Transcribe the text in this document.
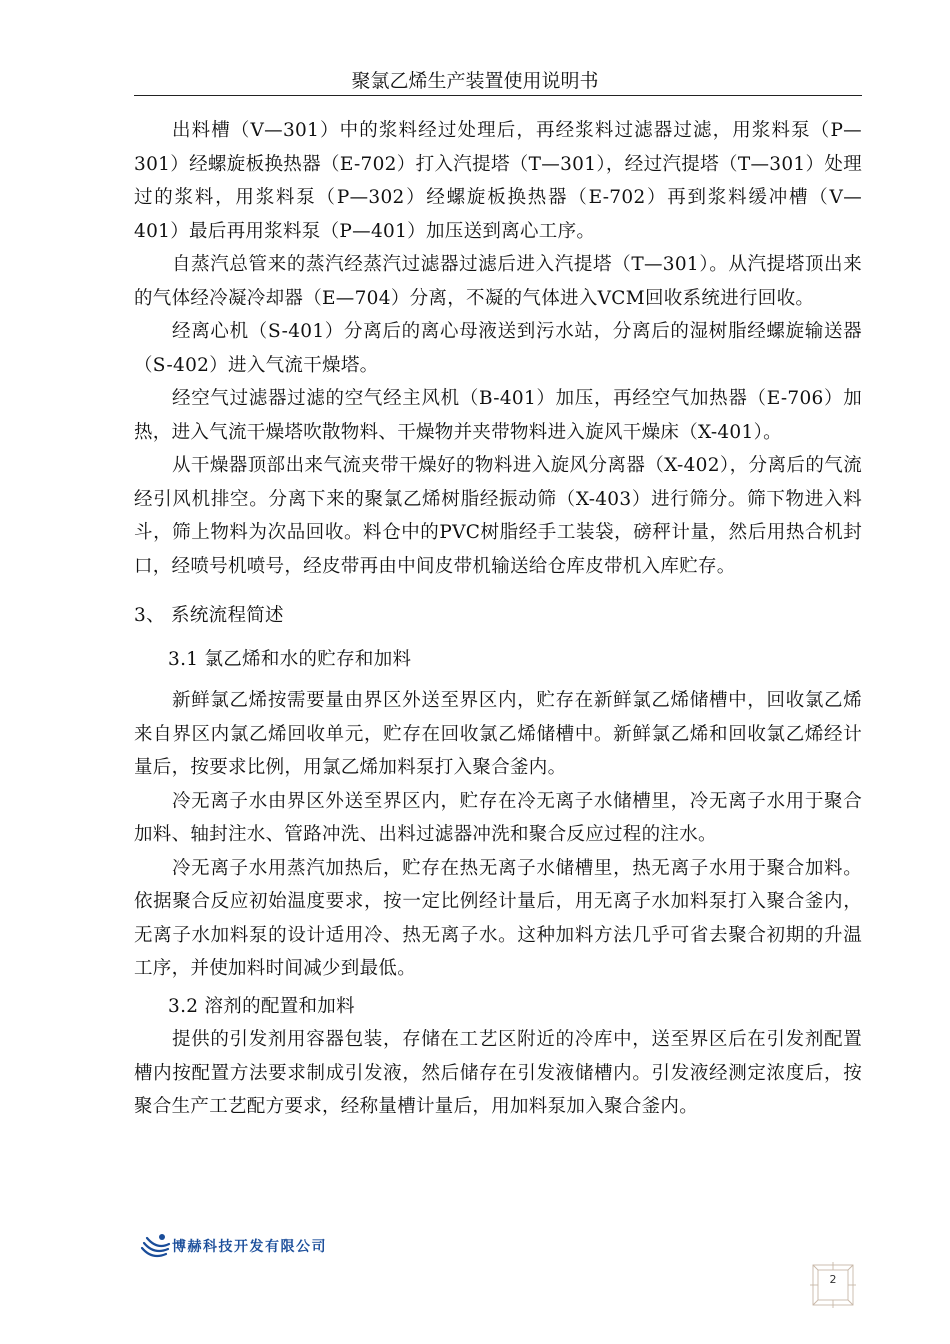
聚氯乙烯生产装置使用说明书

出料槽（V—301）中的浆料经过处理后，再经浆料过滤器过滤，用浆料泵（P—301）经螺旋板换热器（E-702）打入汽提塔（T—301），经过汽提塔（T—301）处理过的浆料，用浆料泵（P—302）经螺旋板换热器（E-702）再到浆料缓冲槽（V—401）最后再用浆料泵（P—401）加压送到离心工序。

自蒸汽总管来的蒸汽经蒸汽过滤器过滤后进入汽提塔（T—301）。从汽提塔顶出来的气体经冷凝冷却器（E—704）分离，不凝的气体进入VCM回收系统进行回收。

经离心机（S-401）分离后的离心母液送到污水站，分离后的湿树脂经螺旋输送器（S-402）进入气流干燥塔。

经空气过滤器过滤的空气经主风机（B-401）加压，再经空气加热器（E-706）加热，进入气流干燥塔吹散物料、干燥物并夹带物料进入旋风干燥床（X-401）。

从干燥器顶部出来气流夹带干燥好的物料进入旋风分离器（X-402），分离后的气流经引风机排空。分离下来的聚氯乙烯树脂经振动筛（X-403）进行筛分。筛下物进入料斗，筛上物料为次品回收。料仓中的PVC树脂经手工装袋，磅秤计量，然后用热合机封口，经喷号机喷号，经皮带再由中间皮带机输送给仓库皮带机入库贮存。

3、 系统流程简述

3.1 氯乙烯和水的贮存和加料

新鲜氯乙烯按需要量由界区外送至界区内，贮存在新鲜氯乙烯储槽中，回收氯乙烯来自界区内氯乙烯回收单元，贮存在回收氯乙烯储槽中。新鲜氯乙烯和回收氯乙烯经计量后，按要求比例，用氯乙烯加料泵打入聚合釜内。

冷无离子水由界区外送至界区内，贮存在冷无离子水储槽里，冷无离子水用于聚合加料、轴封注水、管路冲洗、出料过滤器冲洗和聚合反应过程的注水。

冷无离子水用蒸汽加热后，贮存在热无离子水储槽里，热无离子水用于聚合加料。依据聚合反应初始温度要求，按一定比例经计量后，用无离子水加料泵打入聚合釜内，无离子水加料泵的设计适用冷、热无离子水。这种加料方法几乎可省去聚合初期的升温工序，并使加料时间减少到最低。

3.2 溶剂的配置和加料

提供的引发剂用容器包装，存储在工艺区附近的冷库中，送至界区后在引发剂配置槽内按配置方法要求制成引发液，然后储存在引发液储槽内。引发液经测定浓度后，按聚合生产工艺配方要求，经称量槽计量后，用加料泵加入聚合釜内。

博赫科技开发有限公司
2
